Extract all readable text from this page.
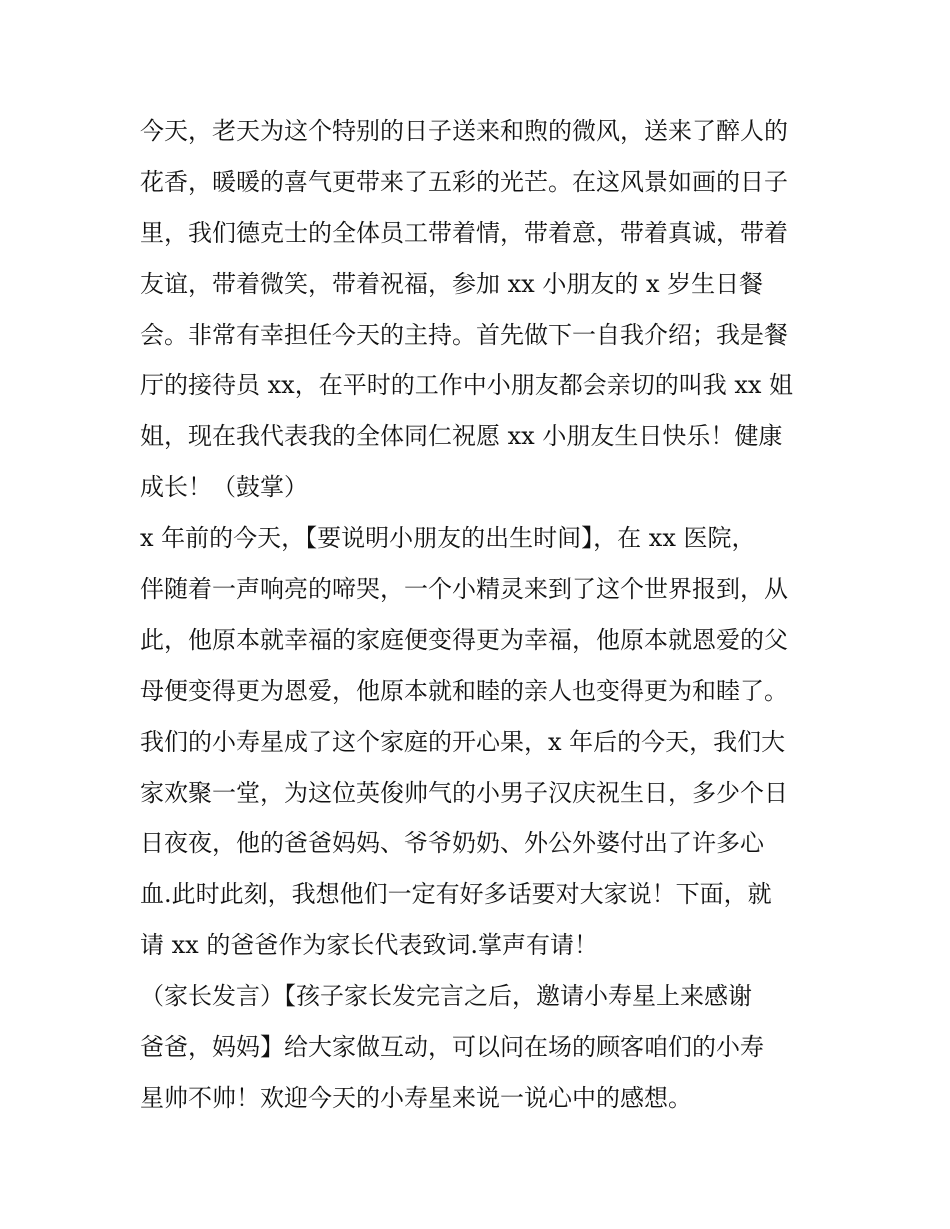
今天，老天为这个特别的日子送来和煦的微风，送来了醉人的
花香，暖暖的喜气更带来了五彩的光芒。在这风景如画的日子
里，我们德克士的全体员工带着情，带着意，带着真诚，带着
友谊，带着微笑，带着祝福，参加 xx 小朋友的 x 岁生日餐
会。非常有幸担任今天的主持。首先做下一自我介绍；我是餐
厅的接待员 xx，在平时的工作中小朋友都会亲切的叫我 xx 姐
姐，现在我代表我的全体同仁祝愿 xx 小朋友生日快乐！健康
成长！（鼓掌）
x 年前的今天，【要说明小朋友的出生时间】，在 xx 医院，
伴随着一声响亮的啼哭，一个小精灵来到了这个世界报到，从
此，他原本就幸福的家庭便变得更为幸福，他原本就恩爱的父
母便变得更为恩爱，他原本就和睦的亲人也变得更为和睦了。
我们的小寿星成了这个家庭的开心果，x 年后的今天，我们大
家欢聚一堂，为这位英俊帅气的小男子汉庆祝生日，多少个日
日夜夜，他的爸爸妈妈、爷爷奶奶、外公外婆付出了许多心
血.此时此刻，我想他们一定有好多话要对大家说！下面，就
请 xx 的爸爸作为家长代表致词.掌声有请！
（家长发言）【孩子家长发完言之后，邀请小寿星上来感谢
爸爸，妈妈】给大家做互动，可以问在场的顾客咱们的小寿
星帅不帅！欢迎今天的小寿星来说一说心中的感想。
